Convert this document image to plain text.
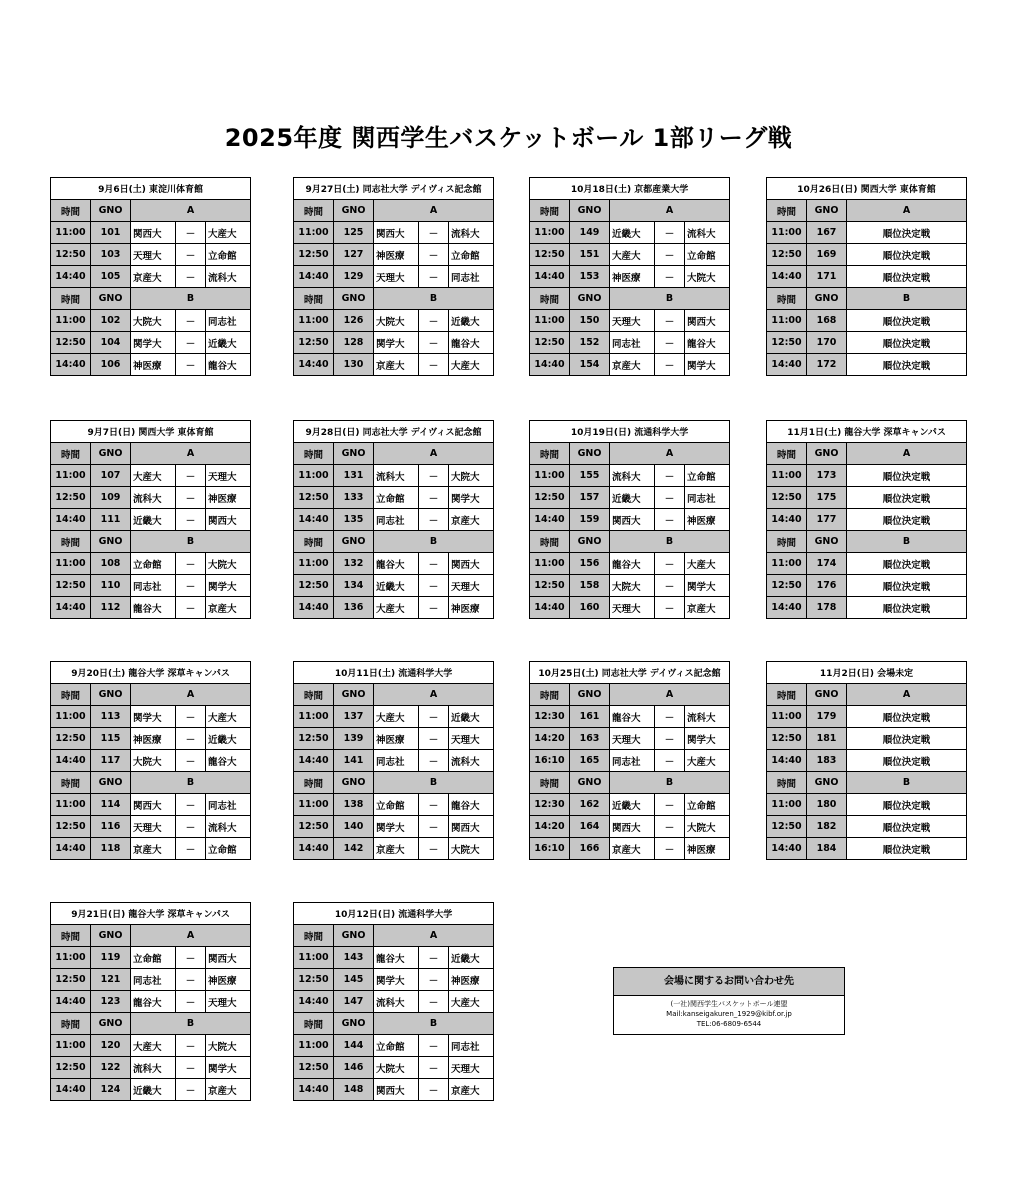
2025年度 関西学生バスケットボール 1部リーグ戦
9月6日(土) 東淀川体育館				
時間	GNO	A		
11:00	101	関西大	－	大産大
12:50	103	天理大	－	立命館
14:40	105	京産大	－	流科大
時間	GNO	B		
11:00	102	大院大	－	同志社
12:50	104	関学大	－	近畿大
14:40	106	神医療	－	龍谷大
9月27日(土) 同志社大学 デイヴィス記念館				
時間	GNO	A		
11:00	125	関西大	－	流科大
12:50	127	神医療	－	立命館
14:40	129	天理大	－	同志社
時間	GNO	B		
11:00	126	大院大	－	近畿大
12:50	128	関学大	－	龍谷大
14:40	130	京産大	－	大産大
10月18日(土) 京都産業大学				
時間	GNO	A		
11:00	149	近畿大	－	流科大
12:50	151	大産大	－	立命館
14:40	153	神医療	－	大院大
時間	GNO	B		
11:00	150	天理大	－	関西大
12:50	152	同志社	－	龍谷大
14:40	154	京産大	－	関学大
10月26日(日) 関西大学 東体育館		
時間	GNO	A
11:00	167	順位決定戦
12:50	169	順位決定戦
14:40	171	順位決定戦
時間	GNO	B
11:00	168	順位決定戦
12:50	170	順位決定戦
14:40	172	順位決定戦
9月7日(日) 関西大学 東体育館				
時間	GNO	A		
11:00	107	大産大	－	天理大
12:50	109	流科大	－	神医療
14:40	111	近畿大	－	関西大
時間	GNO	B		
11:00	108	立命館	－	大院大
12:50	110	同志社	－	関学大
14:40	112	龍谷大	－	京産大
9月28日(日) 同志社大学 デイヴィス記念館				
時間	GNO	A		
11:00	131	流科大	－	大院大
12:50	133	立命館	－	関学大
14:40	135	同志社	－	京産大
時間	GNO	B		
11:00	132	龍谷大	－	関西大
12:50	134	近畿大	－	天理大
14:40	136	大産大	－	神医療
10月19日(日) 流通科学大学				
時間	GNO	A		
11:00	155	流科大	－	立命館
12:50	157	近畿大	－	同志社
14:40	159	関西大	－	神医療
時間	GNO	B		
11:00	156	龍谷大	－	大産大
12:50	158	大院大	－	関学大
14:40	160	天理大	－	京産大
11月1日(土) 龍谷大学 深草キャンパス		
時間	GNO	A
11:00	173	順位決定戦
12:50	175	順位決定戦
14:40	177	順位決定戦
時間	GNO	B
11:00	174	順位決定戦
12:50	176	順位決定戦
14:40	178	順位決定戦
9月20日(土) 龍谷大学 深草キャンパス				
時間	GNO	A		
11:00	113	関学大	－	大産大
12:50	115	神医療	－	近畿大
14:40	117	大院大	－	龍谷大
時間	GNO	B		
11:00	114	関西大	－	同志社
12:50	116	天理大	－	流科大
14:40	118	京産大	－	立命館
10月11日(土) 流通科学大学				
時間	GNO	A		
11:00	137	大産大	－	近畿大
12:50	139	神医療	－	天理大
14:40	141	同志社	－	流科大
時間	GNO	B		
11:00	138	立命館	－	龍谷大
12:50	140	関学大	－	関西大
14:40	142	京産大	－	大院大
10月25日(土) 同志社大学 デイヴィス記念館				
時間	GNO	A		
12:30	161	龍谷大	－	流科大
14:20	163	天理大	－	関学大
16:10	165	同志社	－	大産大
時間	GNO	B		
12:30	162	近畿大	－	立命館
14:20	164	関西大	－	大院大
16:10	166	京産大	－	神医療
11月2日(日) 会場未定		
時間	GNO	A
11:00	179	順位決定戦
12:50	181	順位決定戦
14:40	183	順位決定戦
時間	GNO	B
11:00	180	順位決定戦
12:50	182	順位決定戦
14:40	184	順位決定戦
9月21日(日) 龍谷大学 深草キャンパス				
時間	GNO	A		
11:00	119	立命館	－	関西大
12:50	121	同志社	－	神医療
14:40	123	龍谷大	－	天理大
時間	GNO	B		
11:00	120	大産大	－	大院大
12:50	122	流科大	－	関学大
14:40	124	近畿大	－	京産大
10月12日(日) 流通科学大学				
時間	GNO	A		
11:00	143	龍谷大	－	近畿大
12:50	145	関学大	－	神医療
14:40	147	流科大	－	大産大
時間	GNO	B		
11:00	144	立命館	－	同志社
12:50	146	大院大	－	天理大
14:40	148	関西大	－	京産大
会場に関するお問い合わせ先
(一社)関西学生バスケットボール連盟
Mail:kanseigakuren_1929@kibf.or.jp
TEL:06-6809-6544
